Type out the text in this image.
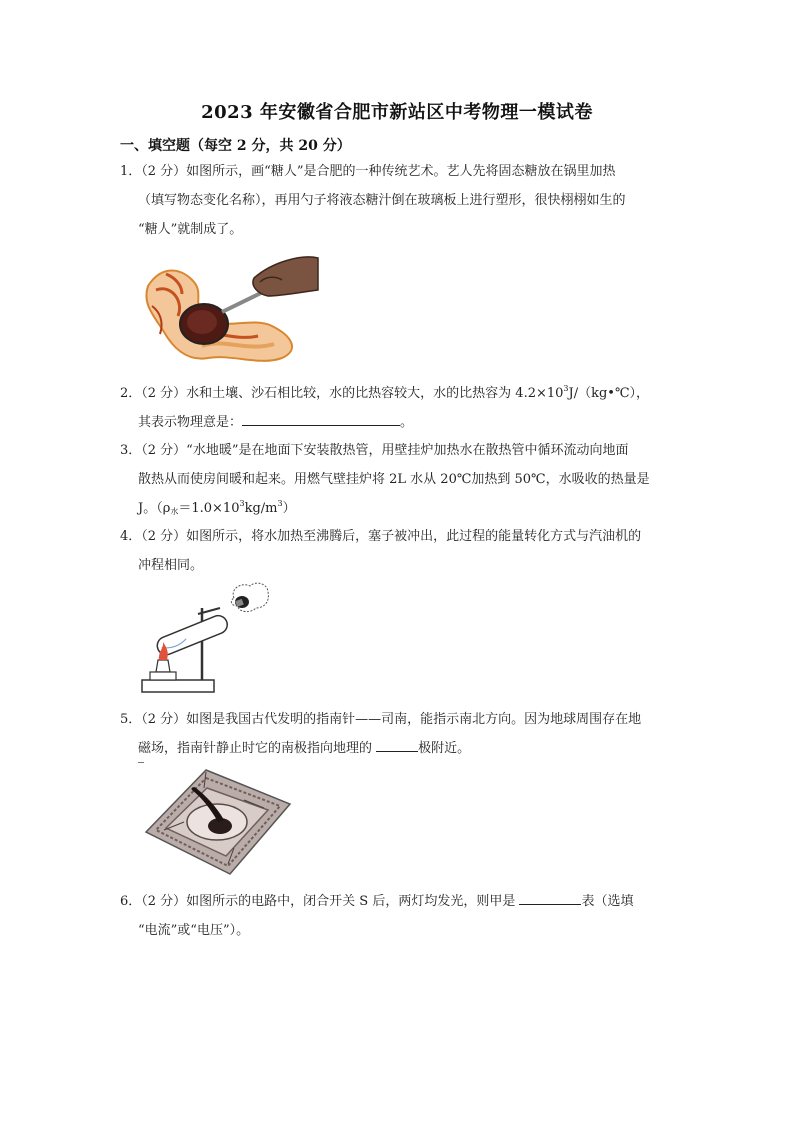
2023 年安徽省合肥市新站区中考物理一模试卷
一、填空题（每空 2 分，共 20 分）
1．（2 分）如图所示，画“糖人”是合肥的一种传统艺术。艺人先将固态糖放在锅里加热
（填写物态变化名称），再用勺子将液态糖汁倒在玻璃板上进行塑形，很快栩栩如生的
“糖人”就制成了。
2．（2 分）水和土壤、沙石相比较，水的比热容较大，水的比热容为 $4.2\times 10^3J/(kg•℃)$，
其表示物理意是：	。
3．（2 分）“水地暖”是在地面下安装散热管，用壁挂炉加热水在散热管中循环流动向地面
散热从而使房间暖和起来。用燃气壁挂炉将 2L 水从 20℃加热到 50℃，水吸收的热量是
J。$(\rho_水=1.0\times 10^3kg/m^3)$
4．（2 分）如图所示，将水加热至沸腾后，塞子被冲出，此过程的能量转化方式与汽油机的
冲程相同。
5．（2 分）如图是我国古代发明的指南针——司南，能指示南北方向。因为地球周围存在地
磁场，指南针静止时它的南极指向地理的	极附近。
6．（2 分）如图所示的电路中，闭合开关 S 后，两灯均发光，则甲是	表（选填
“电流”或“电压”）。
